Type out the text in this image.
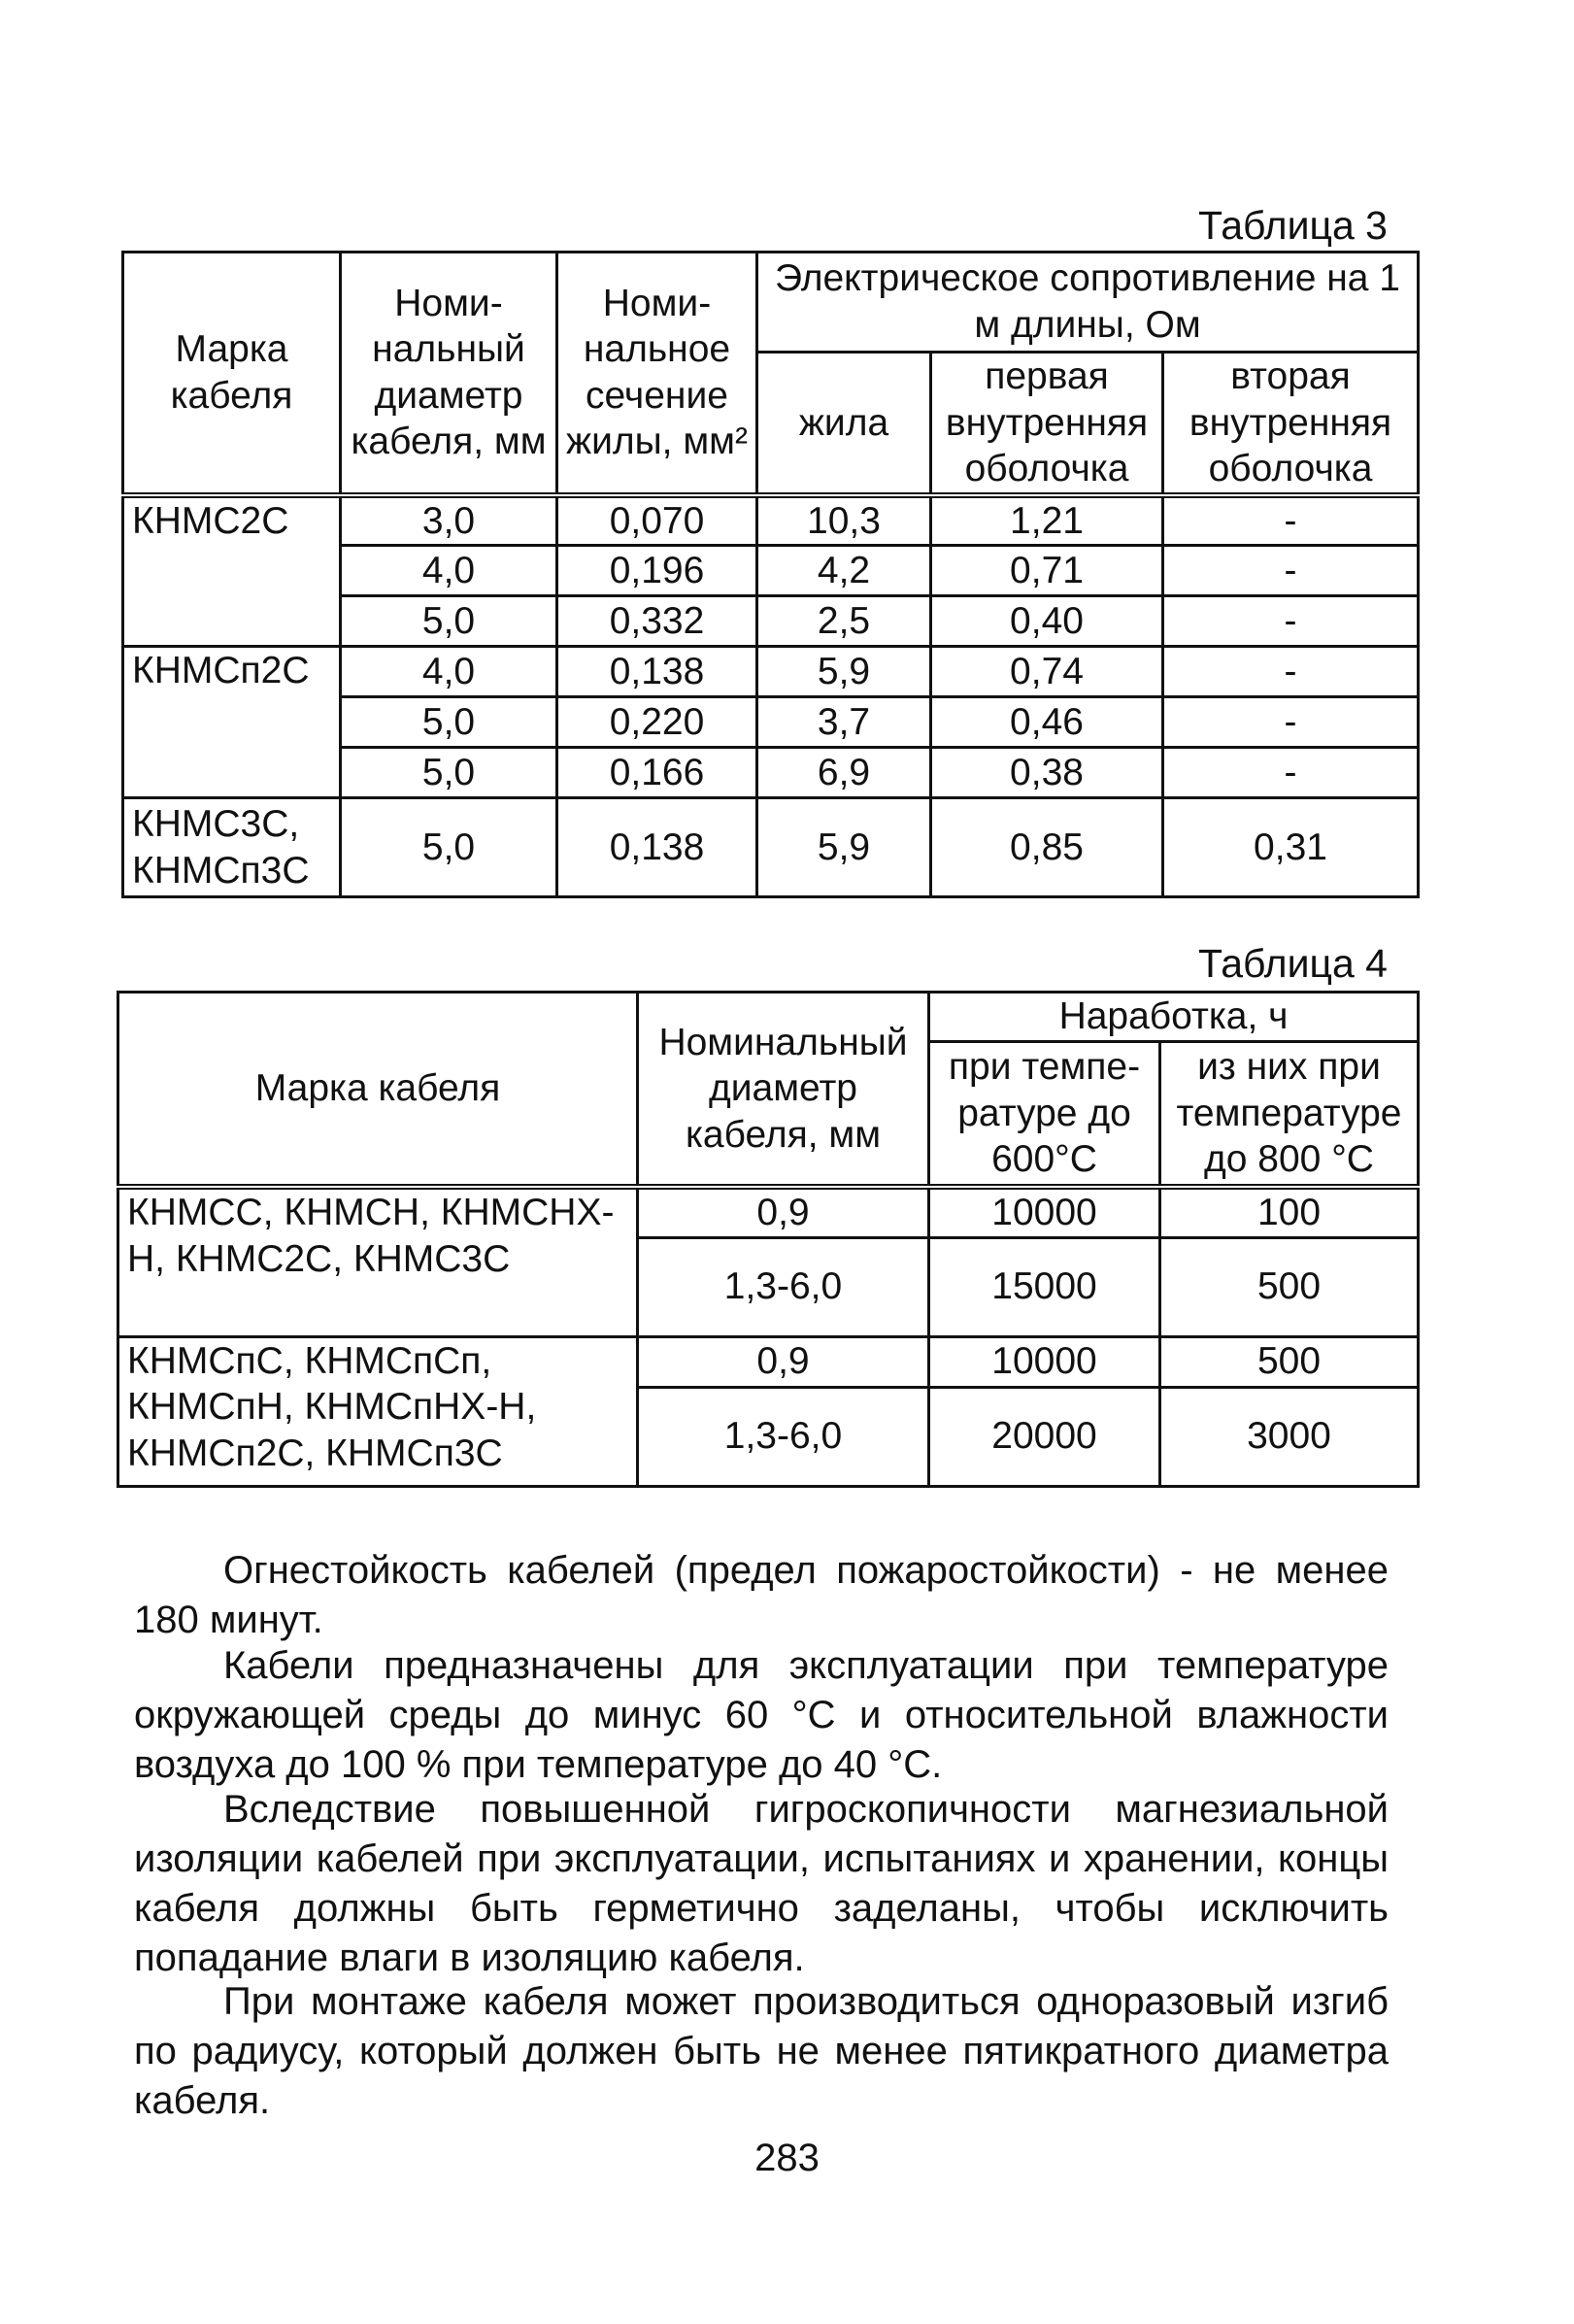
Таблица 3
Марка кабеля	Номи-нальный диаметр кабеля, мм	Номи-нальное сечение жилы, мм²	Электрическое сопротивление на 1 м длины, Ом		
			жила	первая внутренняя оболочка	вторая внутренняя оболочка
КНМС2С	3,0	0,070	10,3	1,21	-
	4,0	0,196	4,2	0,71	-
	5,0	0,332	2,5	0,40	-
КНМСп2С	4,0	0,138	5,9	0,74	-
	5,0	0,220	3,7	0,46	-
	5,0	0,166	6,9	0,38	-
КНМС3С, КНМСп3С	5,0	0,138	5,9	0,85	0,31
Таблица 4
Марка кабеля	Номинальный диаметр кабеля, мм	Наработка, ч	
		при темпе-ратуре до 600°С	из них при температуре до 800 °С
КНМСС, КНМСН, КНМСНХ-Н, КНМС2С, КНМС3С	0,9	10000	100
	1,3-6,0	15000	500
КНМСпС, КНМСпСп, КНМСпН, КНМСпНХ-Н, КНМСп2С, КНМСп3С	0,9	10000	500
	1,3-6,0	20000	3000

Огнестойкость кабелей (предел пожаростойкости) - не менее 180 минут.

Кабели предназначены для эксплуатации при температуре окружающей среды до минус 60 °С и относительной влажности воздуха до 100 % при температуре до 40 °С.

Вследствие повышенной гигроскопичности магнезиальной изоляции кабелей при эксплуатации, испытаниях и хранении, концы кабеля должны быть герметично заделаны, чтобы исключить попадание влаги в изоляцию кабеля.

При монтаже кабеля может производиться одноразовый изгиб по радиусу, который должен быть не менее пятикратного диаметра кабеля.

283
